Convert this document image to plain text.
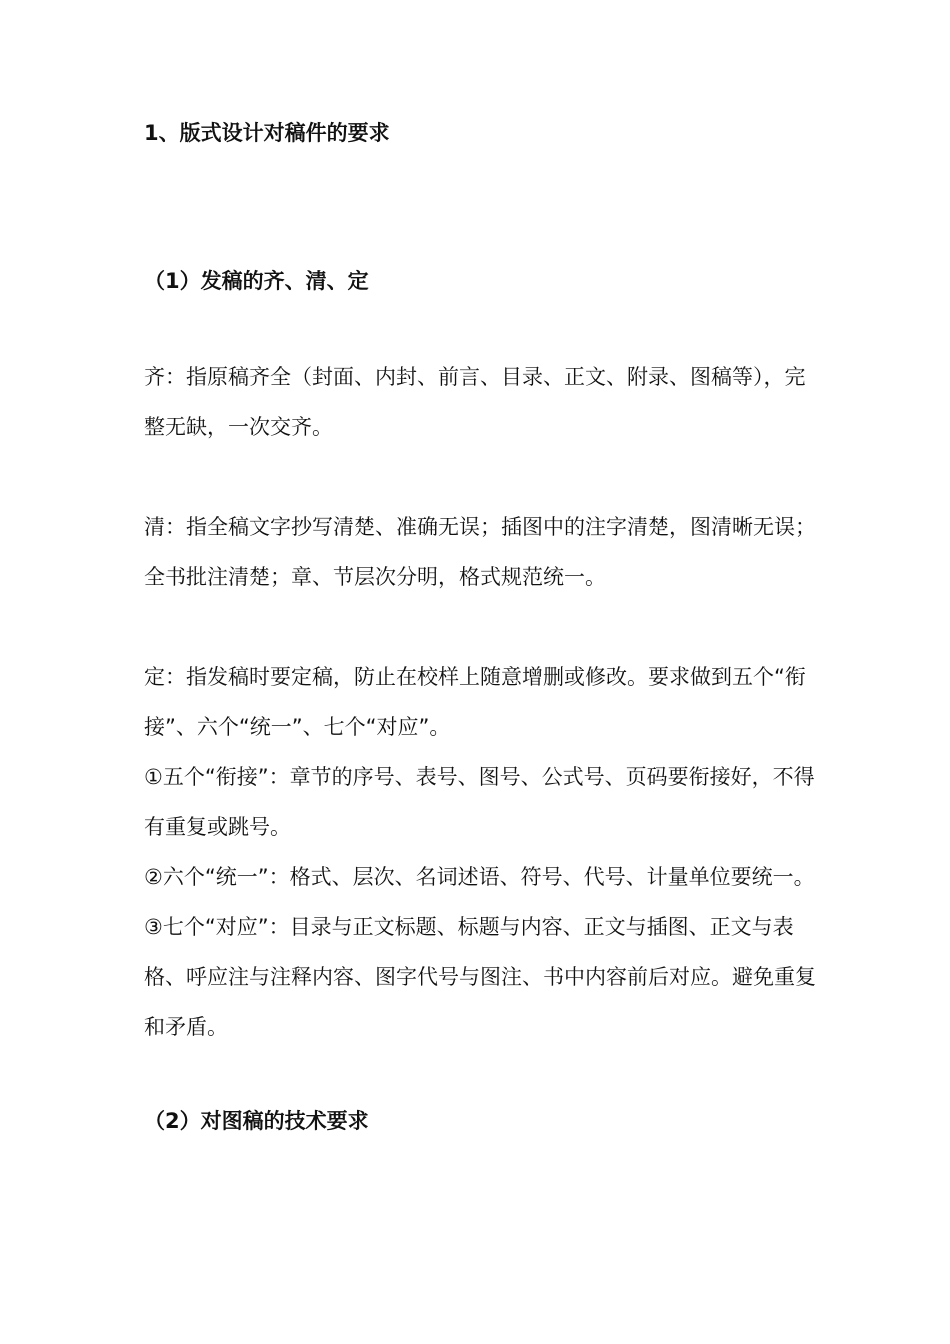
1、版式设计对稿件的要求
（1）发稿的齐、清、定

齐：指原稿齐全（封面、内封、前言、目录、正文、附录、图稿等），完整无缺，一次交齐。

清：指全稿文字抄写清楚、准确无误；插图中的注字清楚，图清晰无误；全书批注清楚；章、节层次分明，格式规范统一。

定：指发稿时要定稿，防止在校样上随意增删或修改。要求做到五个“衔接”、六个“统一”、七个“对应”。

①五个“衔接”：章节的序号、表号、图号、公式号、页码要衔接好，不得有重复或跳号。

②六个“统一”：格式、层次、名词述语、符号、代号、计量单位要统一。

③七个“对应”：目录与正文标题、标题与内容、正文与插图、正文与表格、呼应注与注释内容、图字代号与图注、书中内容前后对应。避免重复和矛盾。

（2）对图稿的技术要求
